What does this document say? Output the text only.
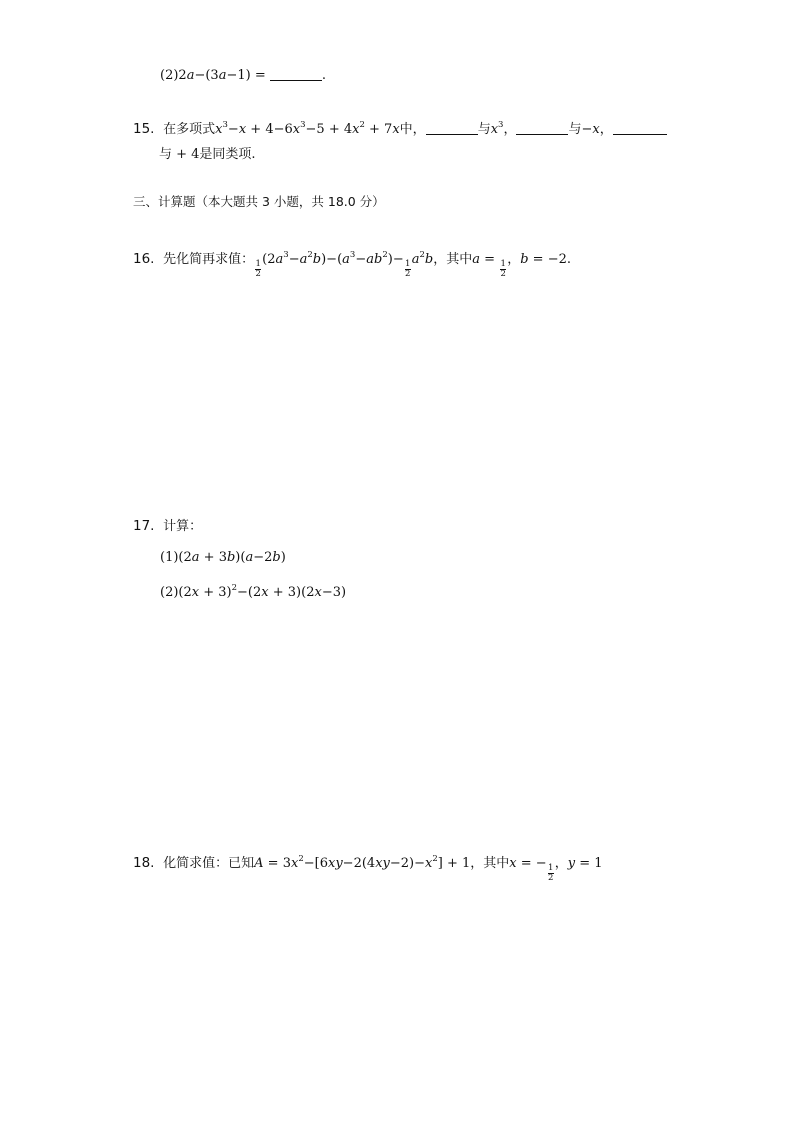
(2)2a−(3a−1) =	.
15. 在多项式$x^3-x + 4-6x^3-5 + 4x^2 + 7x$中，	与$x^3$，	与−x，
与 + 4是同类项.
三、计算题（本大题共 3 小题，共 18.0 分）
16. 先化简再求值：
$\frac{1}{2}$
$(2a^3-a^2b)-(a^3-ab^2)-$
$\frac{1}{2}$
$a^2b$，其中a =
$\frac{1}{2}$
，b = −2.
17. 计算：
(1)(2a + 3b)(a−2b)
$(2)(2x + 3)^2-(2x + 3)(2x-3)$
18. 化简求值：已知$A = 3x^2-[6xy-2(4xy-2)-x^2] + 1$，其中x = −
$\frac{1}{2}$
，y = 1
